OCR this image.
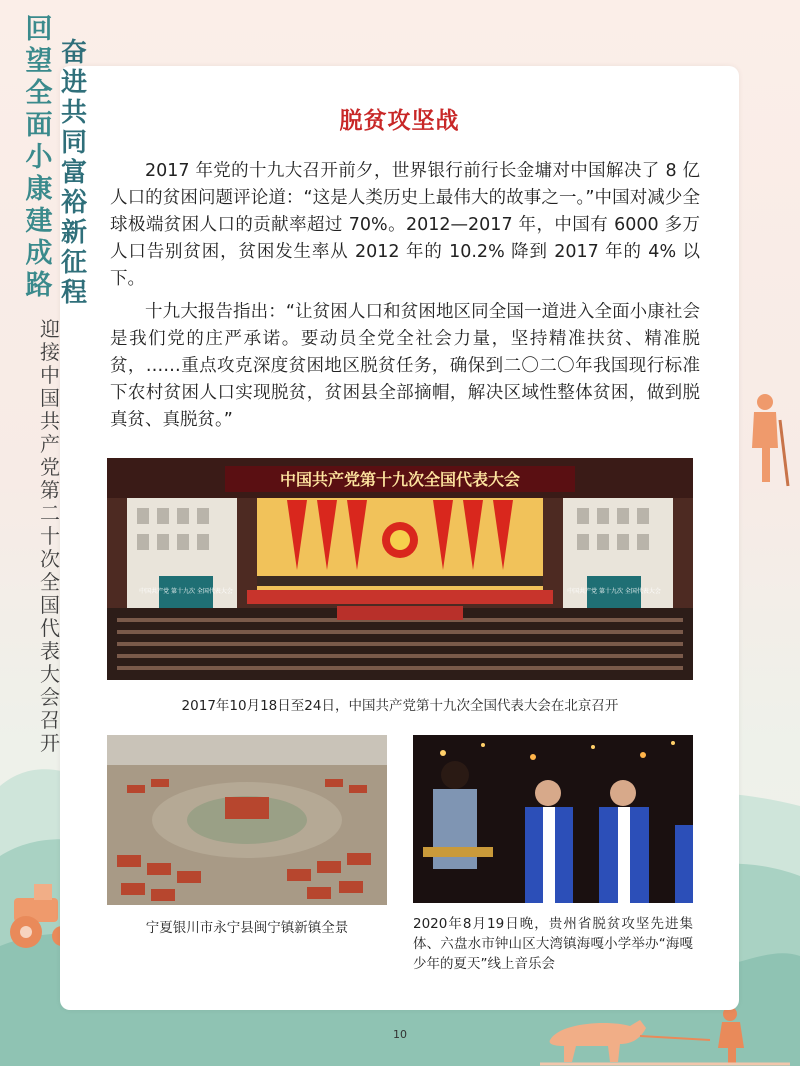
回望全面小康建成路
奋进共同富裕新征程
迎接中国共产党第二十次全国代表大会召开
脱贫攻坚战

2017 年党的十九大召开前夕，世界银行前行长金墉对中国解决了 8 亿人口的贫困问题评论道：“这是人类历史上最伟大的故事之一。”中国对减少全球极端贫困人口的贡献率超过 70%。2012—2017 年，中国有 6000 多万人口告别贫困，贫困发生率从 2012 年的 10.2% 降到 2017 年的 4% 以下。

十九大报告指出：“让贫困人口和贫困地区同全国一道进入全面小康社会是我们党的庄严承诺。要动员全党全社会力量，坚持精准扶贫、精准脱贫，……重点攻克深度贫困地区脱贫任务，确保到二〇二〇年我国现行标准下农村贫困人口实现脱贫，贫困县全部摘帽，解决区域性整体贫困，做到脱真贫、真脱贫。”

中国共产党第十九次全国代表大会
中国共产党 第十九次 全国代表大会	中国共产党 第十九次 全国代表大会
2017年10月18日至24日，中国共产党第十九次全国代表大会在北京召开
宁夏银川市永宁县闽宁镇新镇全景	2020年8月19日晚，贵州省脱贫攻坚先进集体、六盘水市钟山区大湾镇海嘎小学举办“海嘎少年的夏天”线上音乐会
10
